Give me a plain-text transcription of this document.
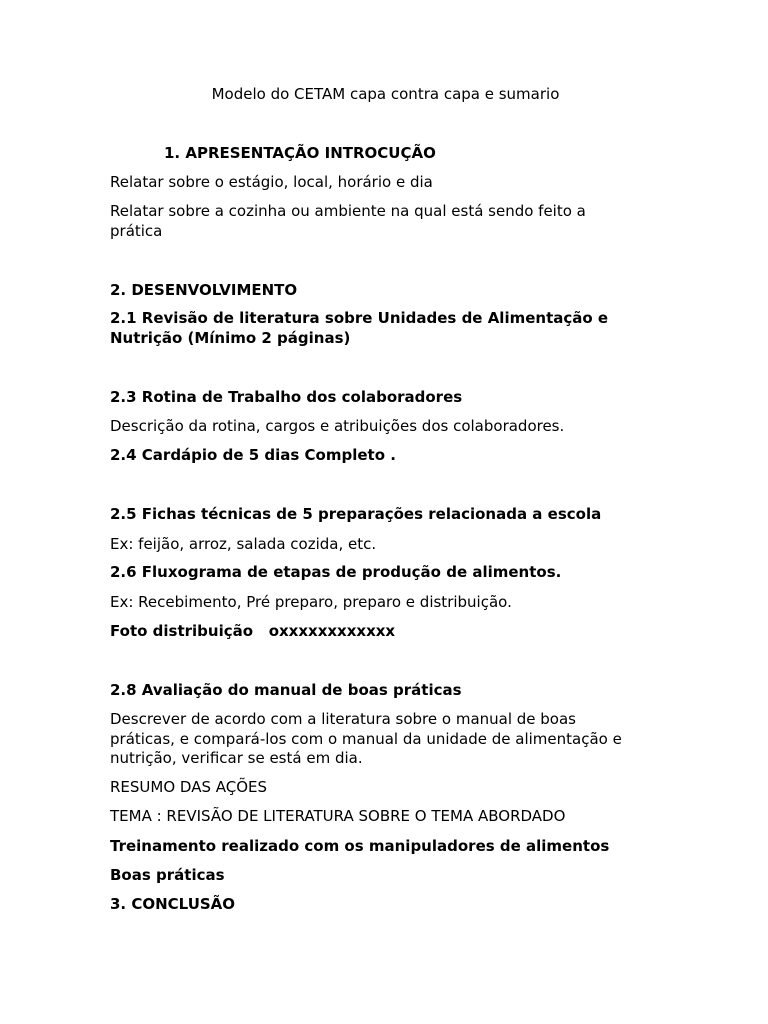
Modelo do CETAM capa contra capa e sumario
1. APRESENTAÇÃO INTROCUÇÃO
Relatar sobre o estágio, local, horário e dia
Relatar sobre a cozinha ou ambiente na qual está sendo feito a
prática
2. DESENVOLVIMENTO
2.1 Revisão de literatura sobre Unidades de Alimentação e
Nutrição (Mínimo 2 páginas)
2.3 Rotina de Trabalho dos colaboradores
Descrição da rotina, cargos e atribuições dos colaboradores.
2.4 Cardápio de 5 dias Completo .
2.5 Fichas técnicas de 5 preparações relacionada a escola
Ex: feijão, arroz, salada cozida, etc.
2.6 Fluxograma de etapas de produção de alimentos.
Ex: Recebimento, Pré preparo, preparo e distribuição.
Foto distribuição   oxxxxxxxxxxxx
2.8 Avaliação do manual de boas práticas
Descrever de acordo com a literatura sobre o manual de boas
práticas, e compará-los com o manual da unidade de alimentação e
nutrição, verificar se está em dia.
RESUMO DAS AÇÕES
TEMA : REVISÃO DE LITERATURA SOBRE O TEMA ABORDADO
Treinamento realizado com os manipuladores de alimentos
Boas práticas
3. CONCLUSÃO
